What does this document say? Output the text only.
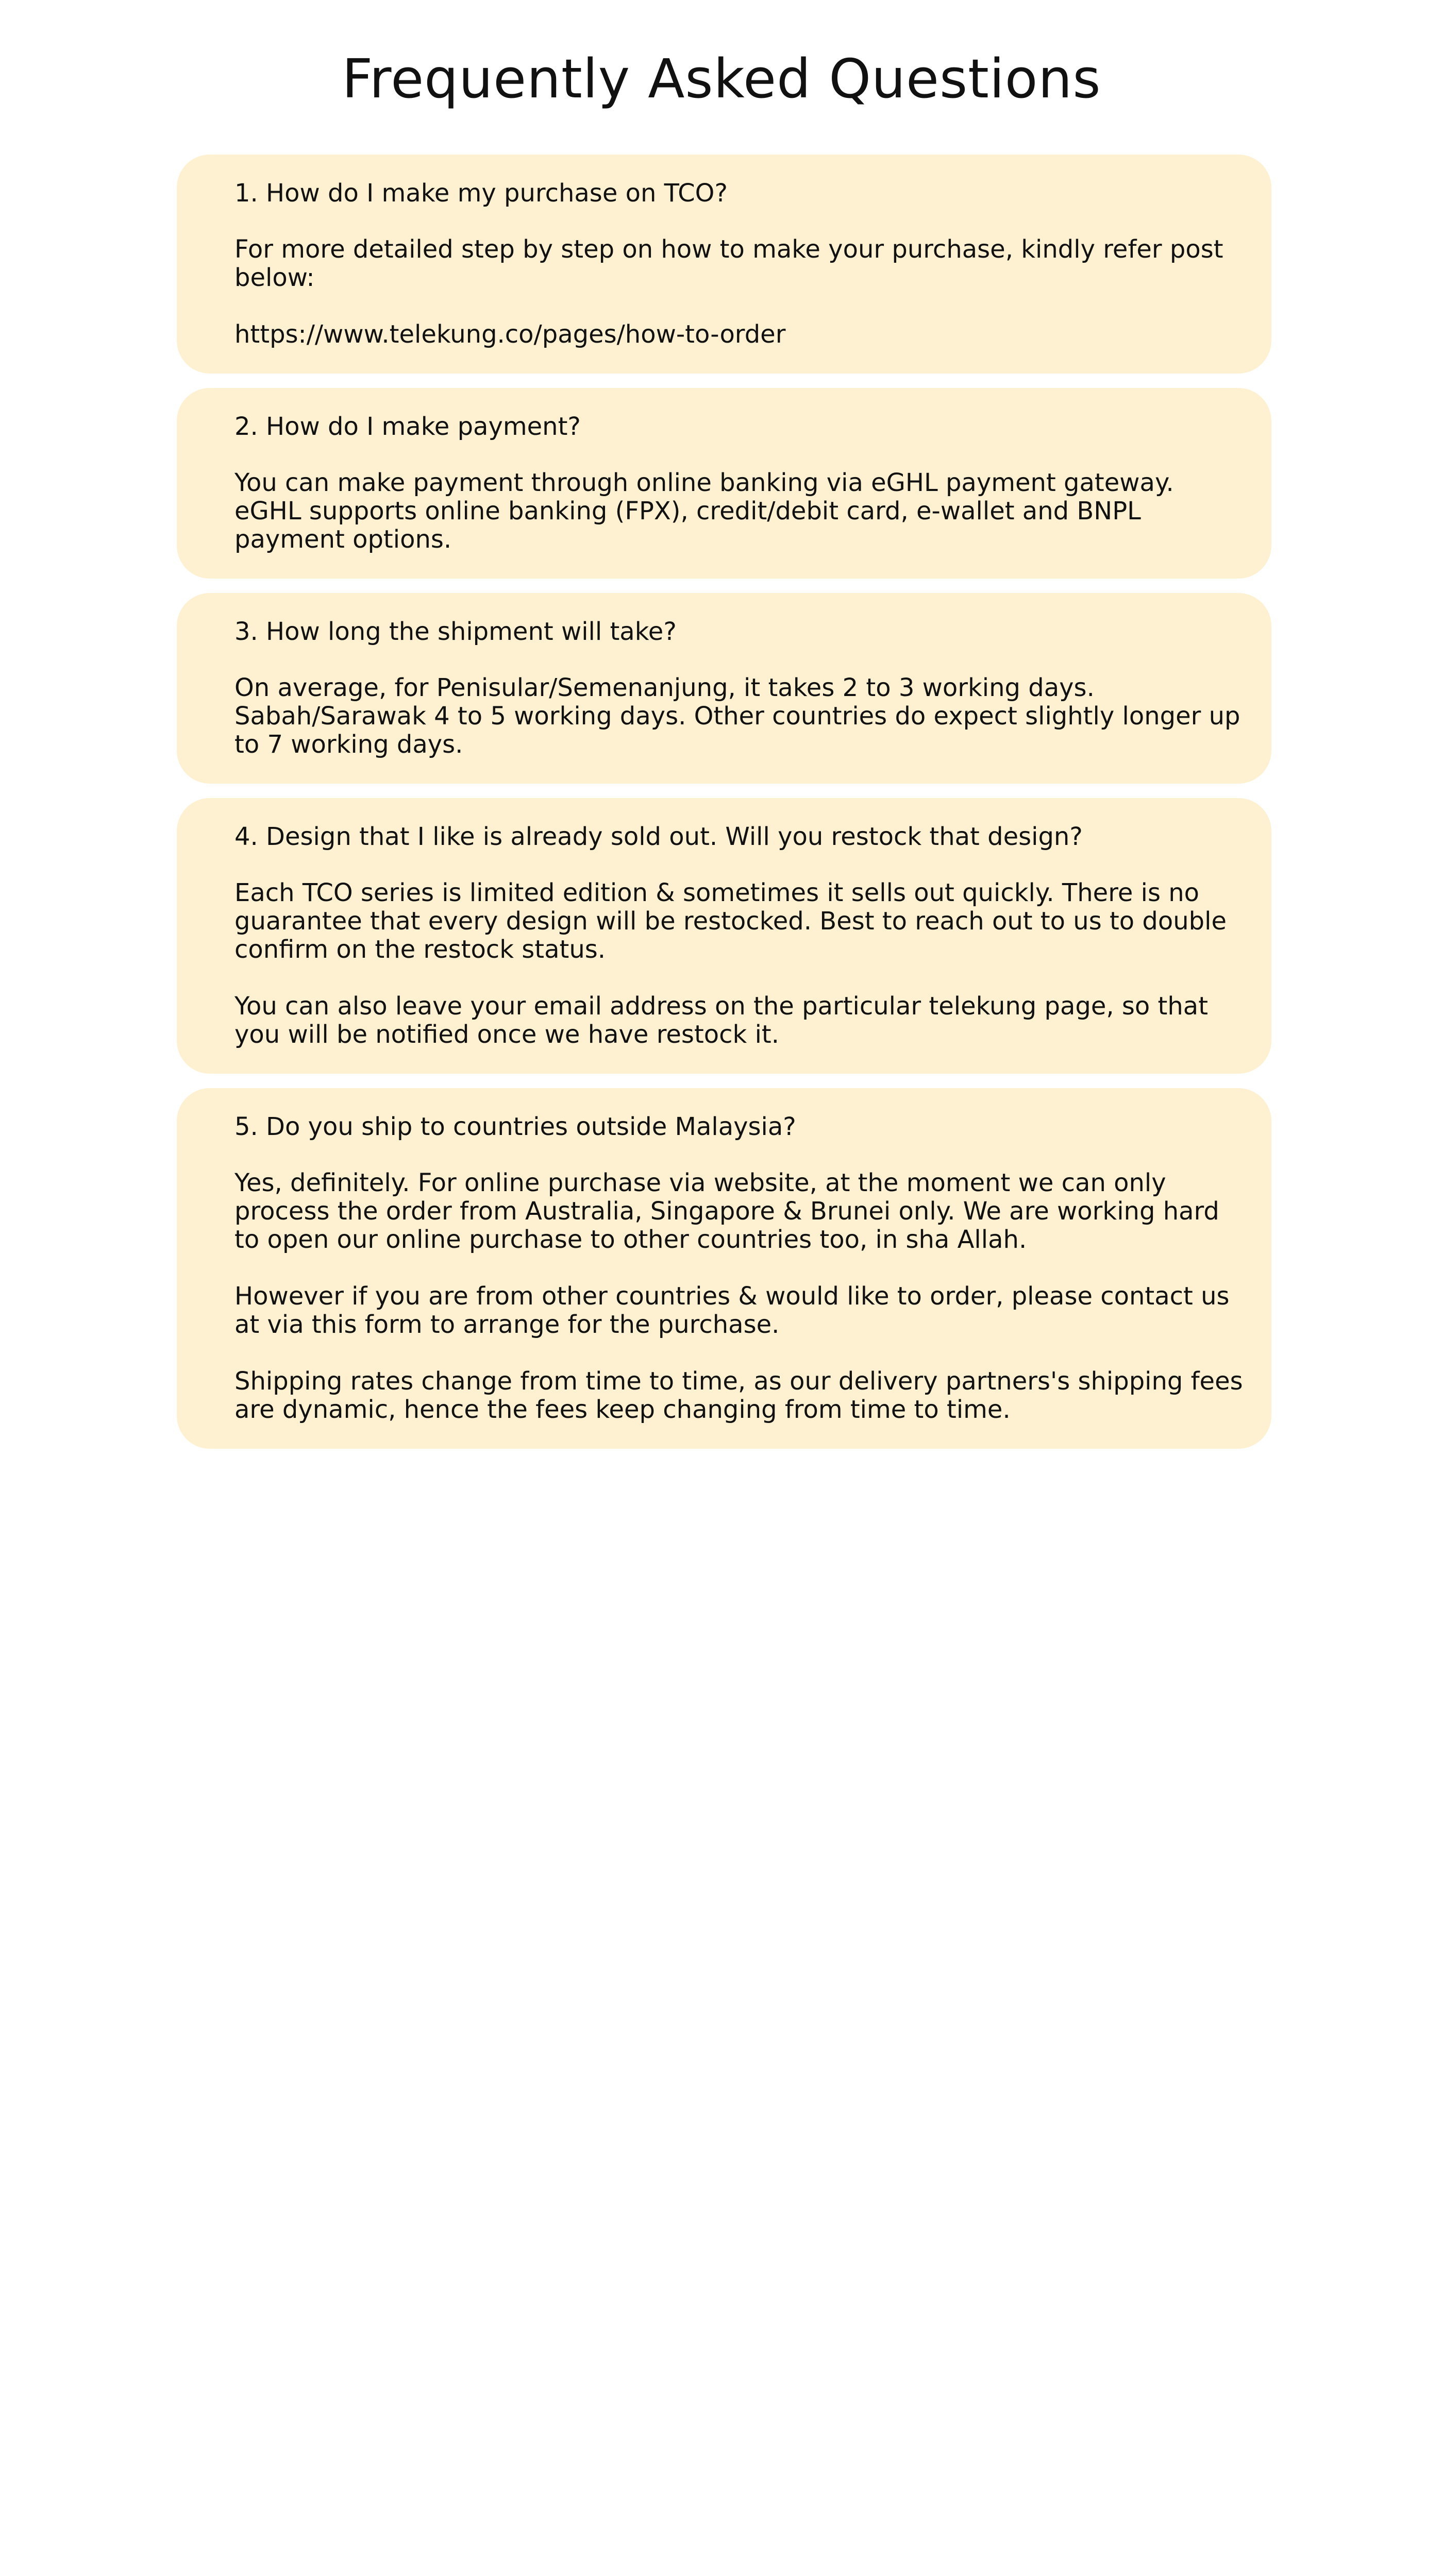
Frequently Asked Questions
1. How do I make my purchase on TCO?

For more detailed step by step on how to make your purchase, kindly refer post below:

https://www.telekung.co/pages/how-to-order

2. How do I make payment?

You can make payment through online banking via eGHL payment gateway. eGHL supports online banking (FPX), credit/debit card, e-wallet and BNPL payment options.

3. How long the shipment will take?

On average, for Penisular/Semenanjung, it takes 2 to 3 working days. Sabah/Sarawak 4 to 5 working days. Other countries do expect slightly longer up to 7 working days.

4. Design that I like is already sold out. Will you restock that design?

Each TCO series is limited edition & sometimes it sells out quickly. There is no guarantee that every design will be restocked. Best to reach out to us to double confirm on the restock status.

You can also leave your email address on the particular telekung page, so that you will be notified once we have restock it.

5. Do you ship to countries outside Malaysia?

Yes, definitely. For online purchase via website, at the moment we can only process the order from Australia, Singapore & Brunei only. We are working hard to open our online purchase to other countries too, in sha Allah.

However if you are from other countries & would like to order, please contact us at via this form to arrange for the purchase.

Shipping rates change from time to time, as our delivery partners's shipping fees are dynamic, hence the fees keep changing from time to time.
